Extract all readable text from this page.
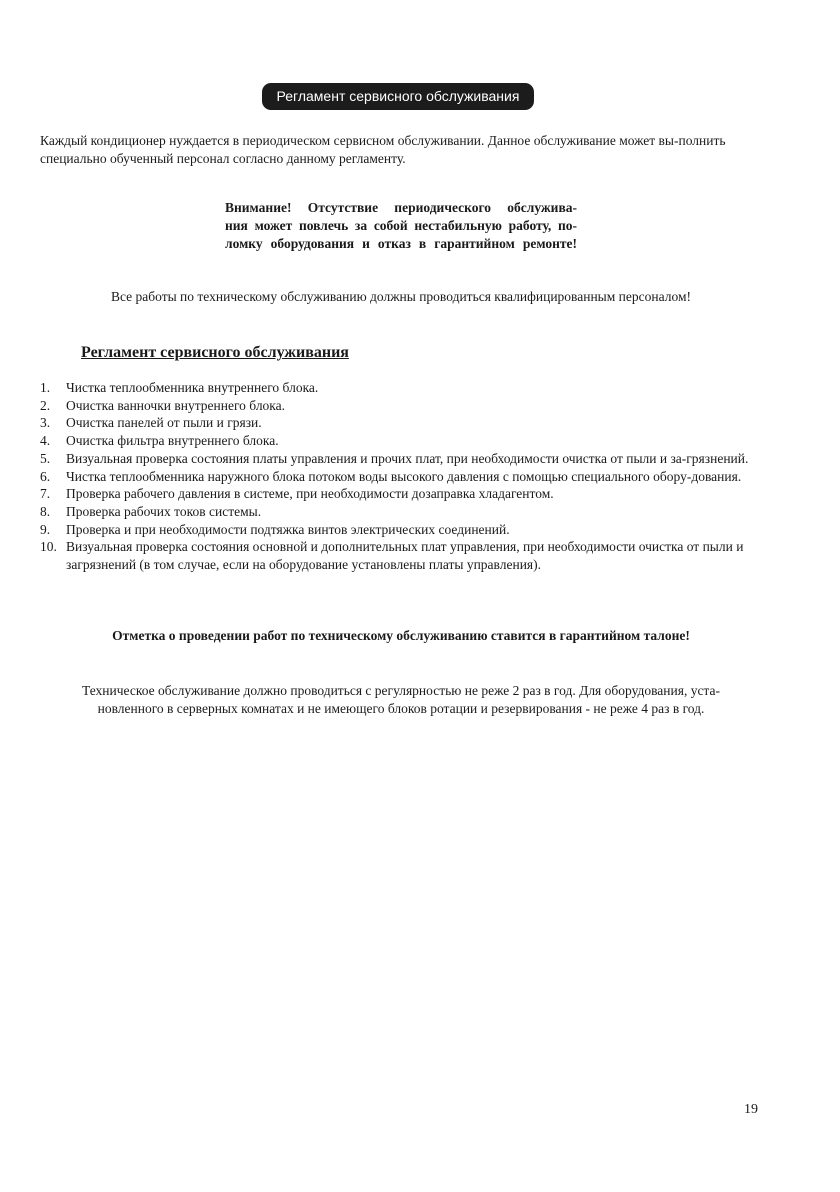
Регламент сервисного обслуживания
Каждый кондиционер нуждается в периодическом сервисном обслуживании. Данное обслуживание может вы-полнить специально обученный персонал согласно данному регламенту.
Внимание! Отсутствие периодического обслужива-
ния может повлечь за собой нестабильную работу, по-
ломку оборудования и отказ в гарантийном ремонте!
Все работы по техническому обслуживанию должны проводиться квалифицированным персоналом!
Регламент сервисного обслуживания
1. Чистка теплообменника внутреннего блока.
2. Очистка ванночки внутреннего блока.
3. Очистка панелей от пыли и грязи.
4. Очистка фильтра внутреннего блока.
5. Визуальная проверка состояния платы управления и прочих плат, при необходимости очистка от пыли и за-грязнений.
6. Чистка теплообменника наружного блока потоком воды высокого давления с помощью специального обору-дования.
7. Проверка рабочего давления в системе, при необходимости дозаправка хладагентом.
8. Проверка рабочих токов системы.
9. Проверка и при необходимости подтяжка винтов электрических соединений.
10. Визуальная проверка состояния основной и дополнительных плат управления, при необходимости очистка от пыли и загрязнений (в том случае, если на оборудование установлены платы управления).
Отметка о проведении работ по техническому обслуживанию ставится в гарантийном талоне!
Техническое обслуживание должно проводиться с регулярностью не реже 2 раз в год. Для оборудования, уста-
новленного в серверных комнатах и не имеющего блоков ротации и резервирования - не реже 4 раз в год.
19
